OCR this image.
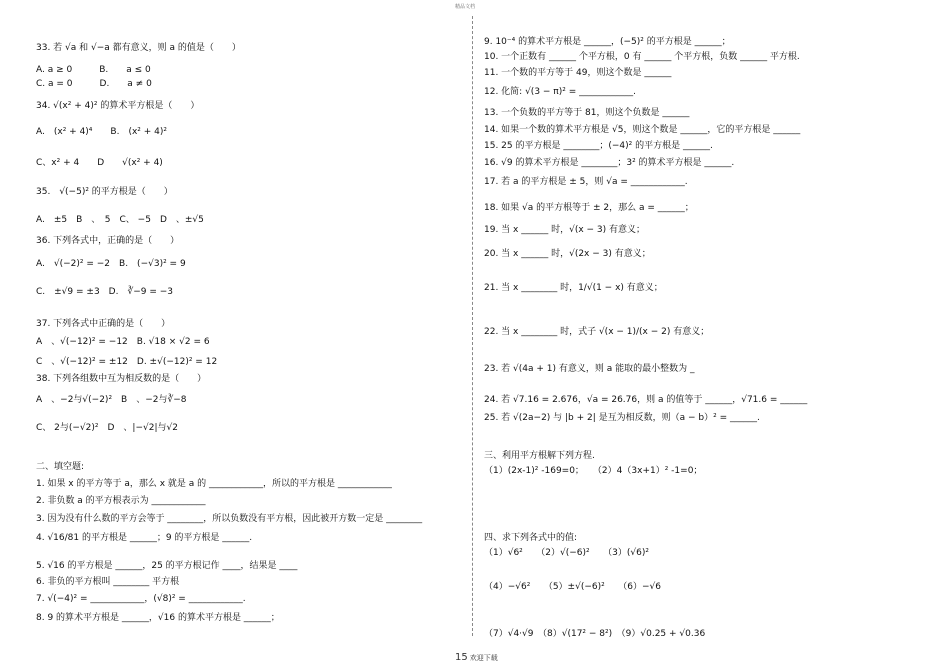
精品文档
33. 若 √a 和 √−a 都有意义，则 a 的值是（　　）
A. a ≥ 0　　　B.　　a ≤ 0
C. a = 0　　　D.　　a ≠ 0
34. √(x² + 4)² 的算术平方根是（　　）
A.　(x² + 4)⁴　　B.　(x² + 4)²
C、x² + 4　　D　　√(x² + 4)
35.　√(−5)² 的平方根是（　　）
A.　±5　B　、　5　C、 −5　D　、±√5
36. 下列各式中，正确的是（　　）
A.　√(−2)² = −2　B.　(−√3)² = 9
C.　±√9 = ±3　D.　∛−9 = −3
37. 下列各式中正确的是（　　）
A　、√(−12)² = −12　B. √18 × √2 = 6
C　、√(−12)² = ±12　D. ±√(−12)² = 12
38. 下列各组数中互为相反数的是（　　）
A　、−2与√(−2)²　B　、−2与∛−8
C、 2与(−√2)²　D　、|−√2|与√2
二、填空题:
1. 如果 x 的平方等于 a，那么 x 就是 a 的 ____________，所以的平方根是 ____________
2. 非负数 a 的平方根表示为 ____________
3. 因为没有什么数的平方会等于 ________，所以负数没有平方根，因此被开方数一定是 ________
4. √16/81 的平方根是 ______；9 的平方根是 ______.
5. √16 的平方根是 ______，25 的平方根记作 ____，结果是 ____
6. 非负的平方根叫 ________ 平方根
7. √(−4)² = ____________，(√8)² = ____________.
8. 9 的算术平方根是 ______，√16 的算术平方根是 ______；
9. 10⁻⁴ 的算术平方根是 ______，(−5)² 的平方根是 ______；
10. 一个正数有 ______ 个平方根，0 有 ______ 个平方根，负数 ______ 平方根.
11. 一个数的平方等于 49，则这个数是 ______
12. 化简: √(3 − π)² = ____________.
13. 一个负数的平方等于 81，则这个负数是 ______
14. 如果一个数的算术平方根是 √5，则这个数是 ______，它的平方根是 ______
15. 25 的平方根是 ________；(−4)² 的平方根是 ______.
16. √9 的算术平方根是 ________；3² 的算术平方根是 ______.
17. 若 a 的平方根是 ± 5，则 √a = ____________.
18. 如果 √a 的平方根等于 ± 2，那么 a = ______；
19. 当 x ______ 时，√(x − 3) 有意义；
20. 当 x ______ 时，√(2x − 3) 有意义；
21. 当 x ________ 时，1/√(1 − x) 有意义；
22. 当 x ________ 时，式子 √(x − 1)/(x − 2) 有意义；
23. 若 √(4a + 1) 有意义，则 a 能取的最小整数为 _
24. 若 √7.16 = 2.676，√a = 26.76，则 a 的值等于 ______，√71.6 = ______
25. 若 √(2a−2) 与 |b + 2| 是互为相反数，则（a − b）² = ______.
三、利用平方根解下列方程.
（1）(2x-1)² -169=0；　　（2）4（3x+1）² -1=0；
四、求下列各式中的值:
（1）√6²　　（2）√(−6)²　　（3）(√6)²
（4）−√6²　　（5）±√(−6)²　　（6）−√6
（7）√4·√9　（8）√(17² − 8²)　（9）√0.25 + √0.36
15 欢迎下载
